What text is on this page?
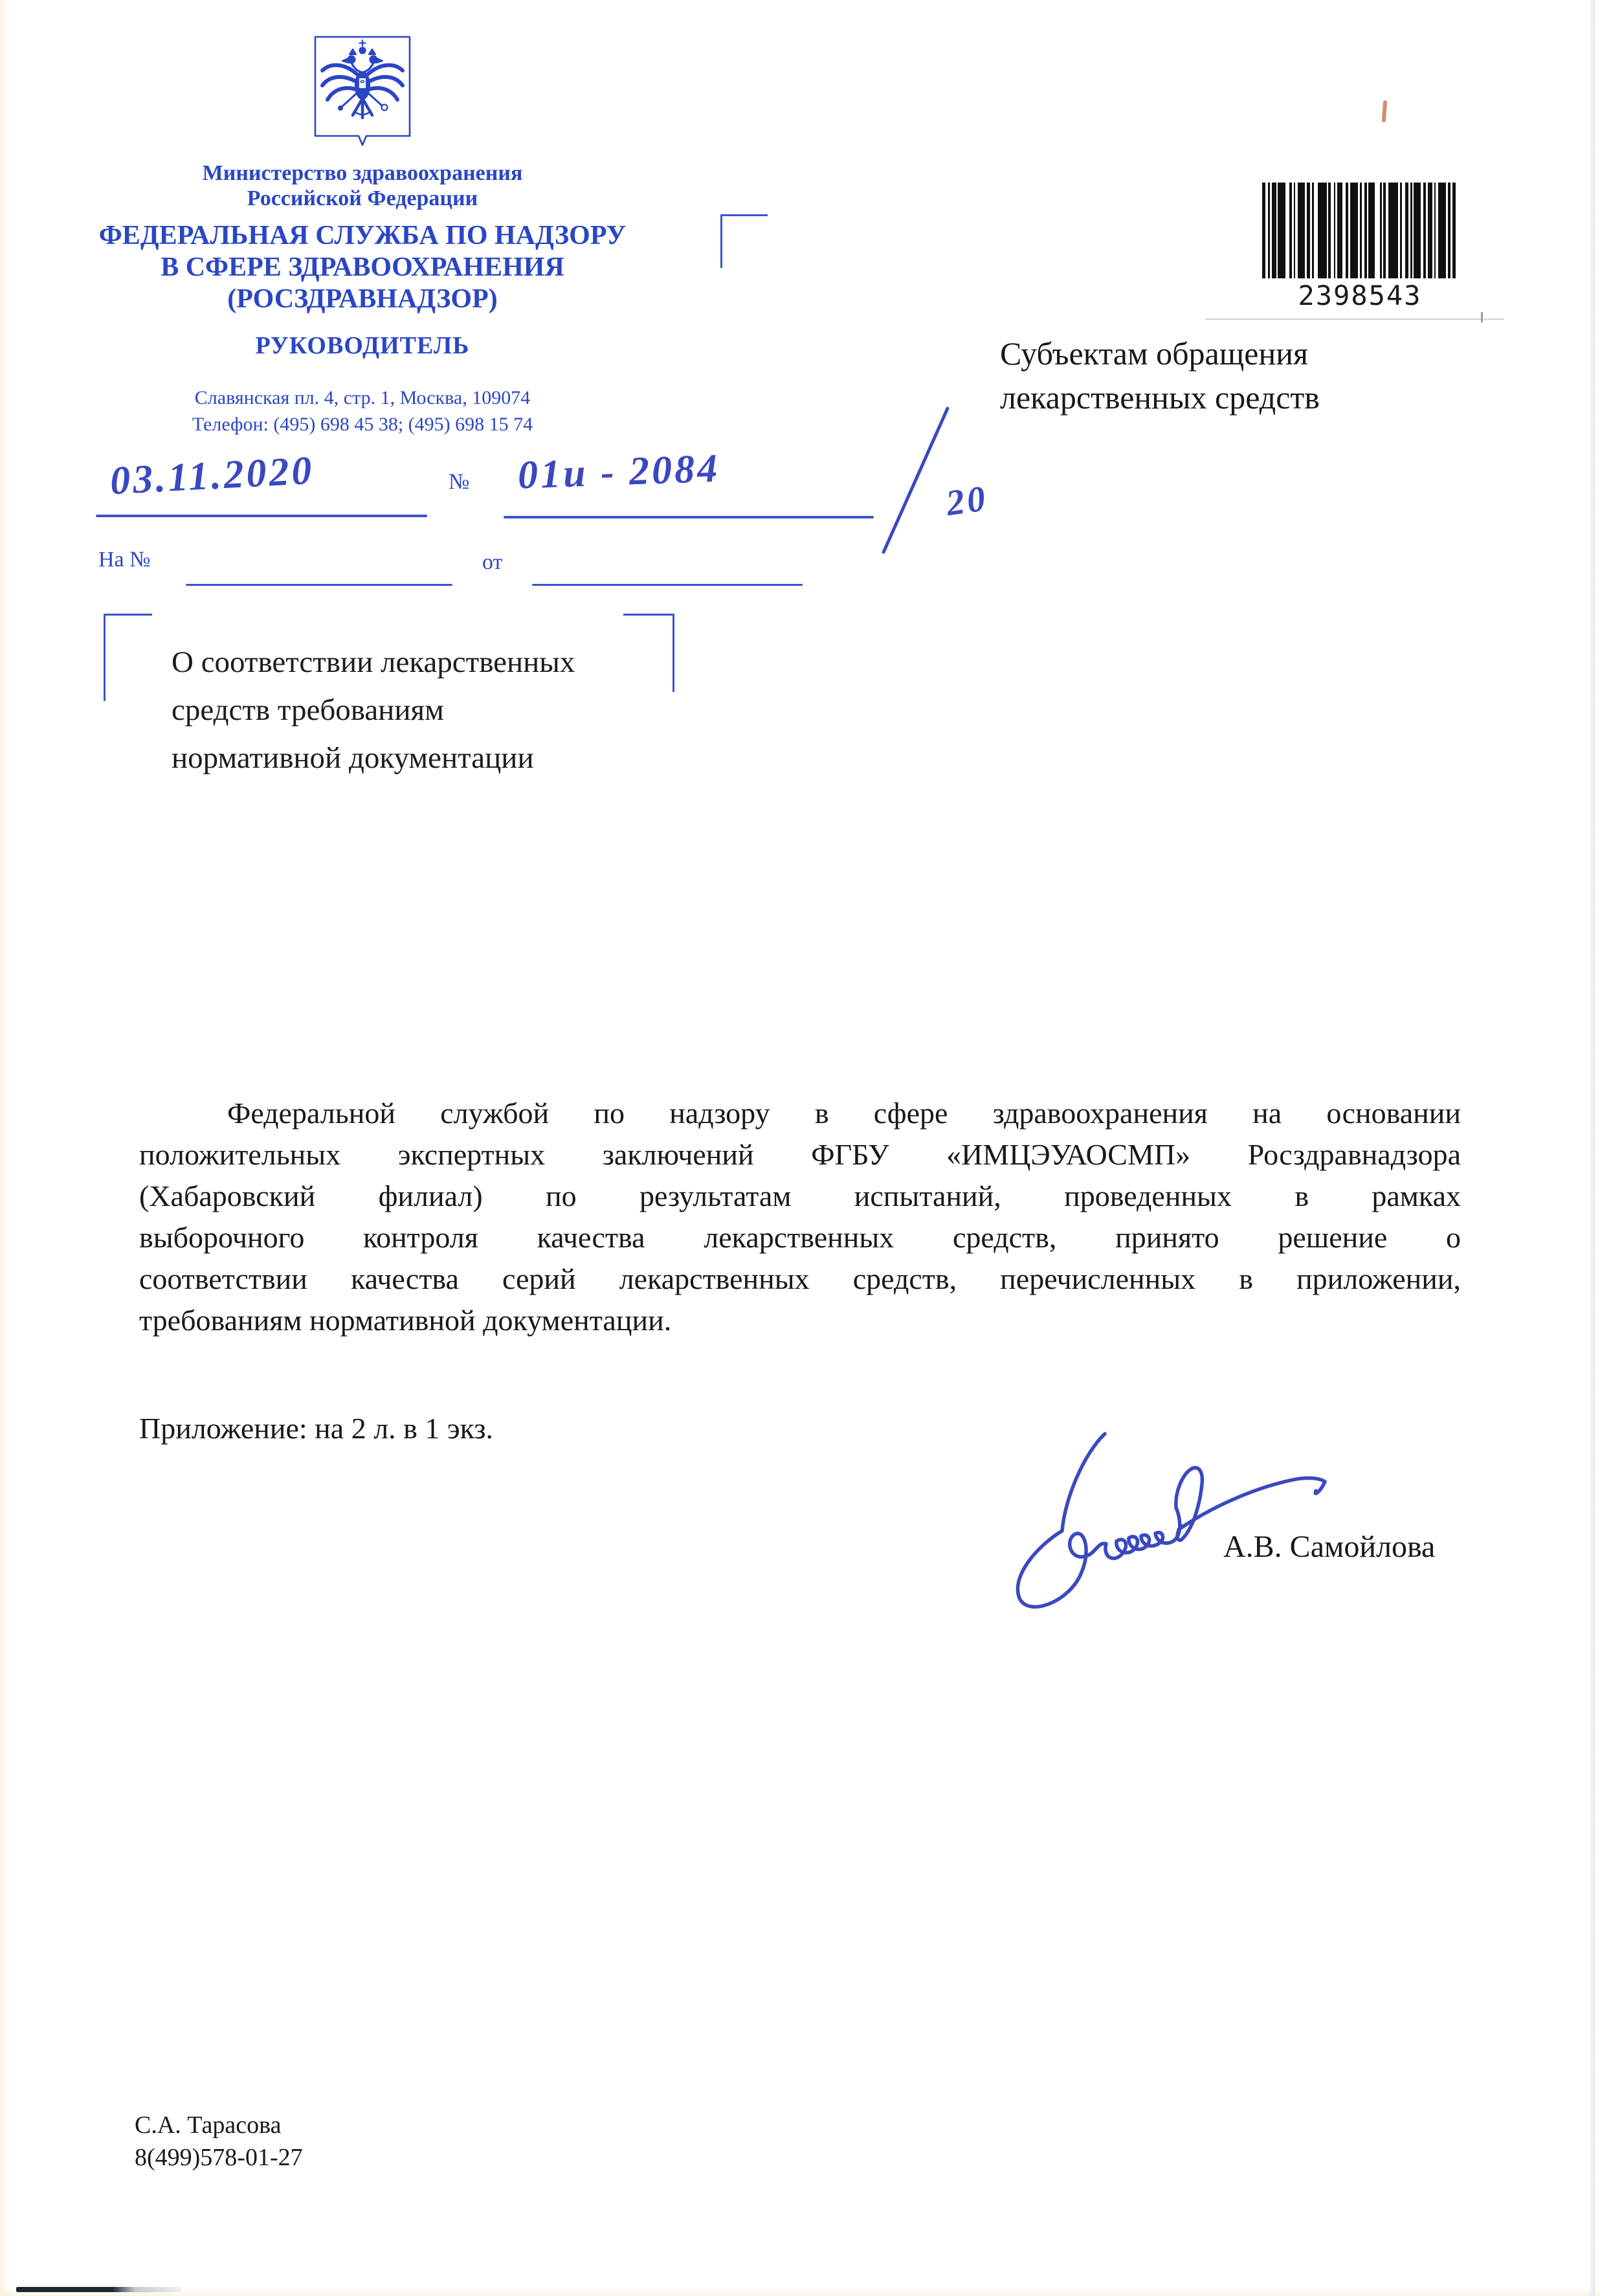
Министерство здравоохранения
Российской Федерации
ФЕДЕРАЛЬНАЯ СЛУЖБА ПО НАДЗОРУ
В СФЕРЕ ЗДРАВООХРАНЕНИЯ
(РОСЗДРАВНАДЗОР)
РУКОВОДИТЕЛЬ
Славянская пл. 4, стр. 1, Москва, 109074
Телефон: (495) 698 45 38; (495) 698 15 74
03.11.2020	№ 01и - 2084
20
На №	от
О соответствии лекарственных
средств требованиям
нормативной документации
2398543
Субъектам обращения
лекарственных средств
Федеральной службой по надзору в сфере здравоохранения на основании
положительных экспертных заключений ФГБУ «ИМЦЭУАОСМП» Росздравнадзора
(Хабаровский филиал) по результатам испытаний, проведенных в рамках
выборочного контроля качества лекарственных средств, принято решение о
соответствии качества серий лекарственных средств, перечисленных в приложении,
требованиям нормативной документации.
Приложение: на 2 л. в 1 экз.
А.В. Самойлова
С.А. Тарасова
8(499)578-01-27
